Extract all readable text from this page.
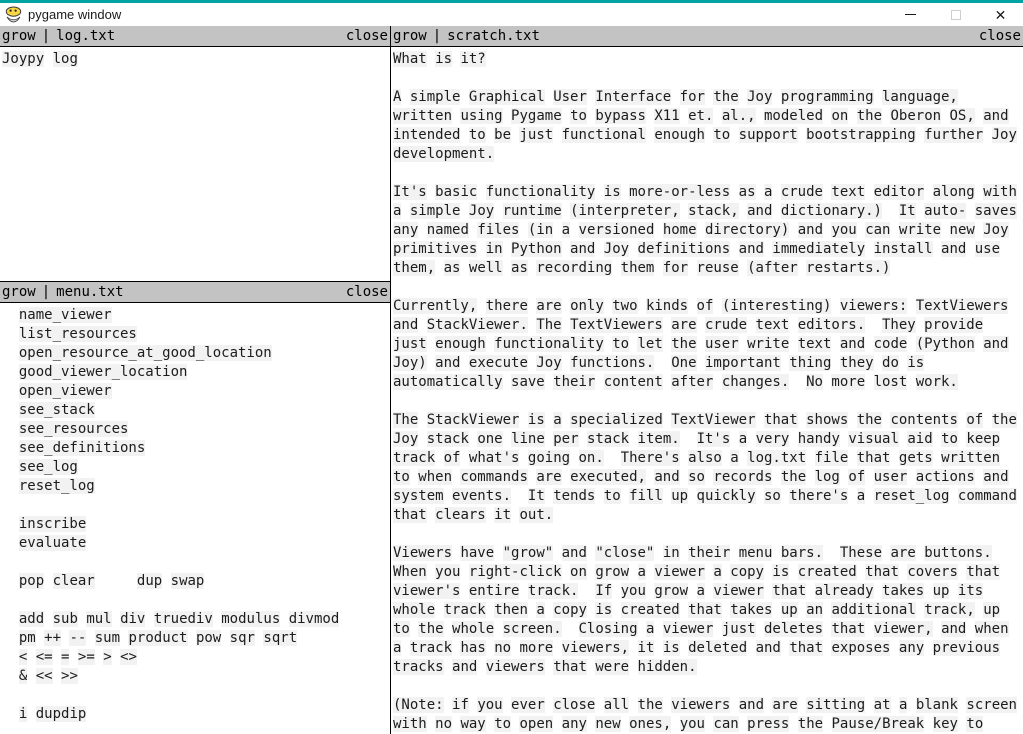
pygame window	✕
grow | log.txt	close
Joypy log
grow | menu.txt	close
name_viewer
list_resources
open_resource_at_good_location
good_viewer_location
open_viewer
see_stack
see_resources
see_definitions
see_log
reset_log

inscribe
evaluate

pop clear	dup swap

add sub mul div truediv modulus divmod
pm ++ -- sum product pow sqr sqrt
< <= = >= > <>
& << >>

i dupdip
grow | scratch.txt	close
What is it?

A simple Graphical User Interface for the Joy programming language,
written using Pygame to bypass X11 et. al., modeled on the Oberon OS, and
intended to be just functional enough to support bootstrapping further Joy
development.

It's basic functionality is more-or-less as a crude text editor along with
a simple Joy runtime (interpreter, stack, and dictionary.) It auto- saves
any named files (in a versioned home directory) and you can write new Joy
primitives in Python and Joy definitions and immediately install and use
them, as well as recording them for reuse (after restarts.)

Currently, there are only two kinds of (interesting) viewers: TextViewers
and StackViewer. The TextViewers are crude text editors. They provide
just enough functionality to let the user write text and code (Python and
Joy) and execute Joy functions. One important thing they do is
automatically save their content after changes. No more lost work.

The StackViewer is a specialized TextViewer that shows the contents of the
Joy stack one line per stack item. It's a very handy visual aid to keep
track of what's going on. There's also a log.txt file that gets written
to when commands are executed, and so records the log of user actions and
system events. It tends to fill up quickly so there's a reset_log command
that clears it out.

Viewers have "grow" and "close" in their menu bars. These are buttons.
When you right-click on grow a viewer a copy is created that covers that
viewer's entire track. If you grow a viewer that already takes up its
whole track then a copy is created that takes up an additional track, up
to the whole screen. Closing a viewer just deletes that viewer, and when
a track has no more viewers, it is deleted and that exposes any previous
tracks and viewers that were hidden.

(Note: if you ever close all the viewers and are sitting at a blank screen
with no way to open any new ones, you can press the Pause/Break key to
